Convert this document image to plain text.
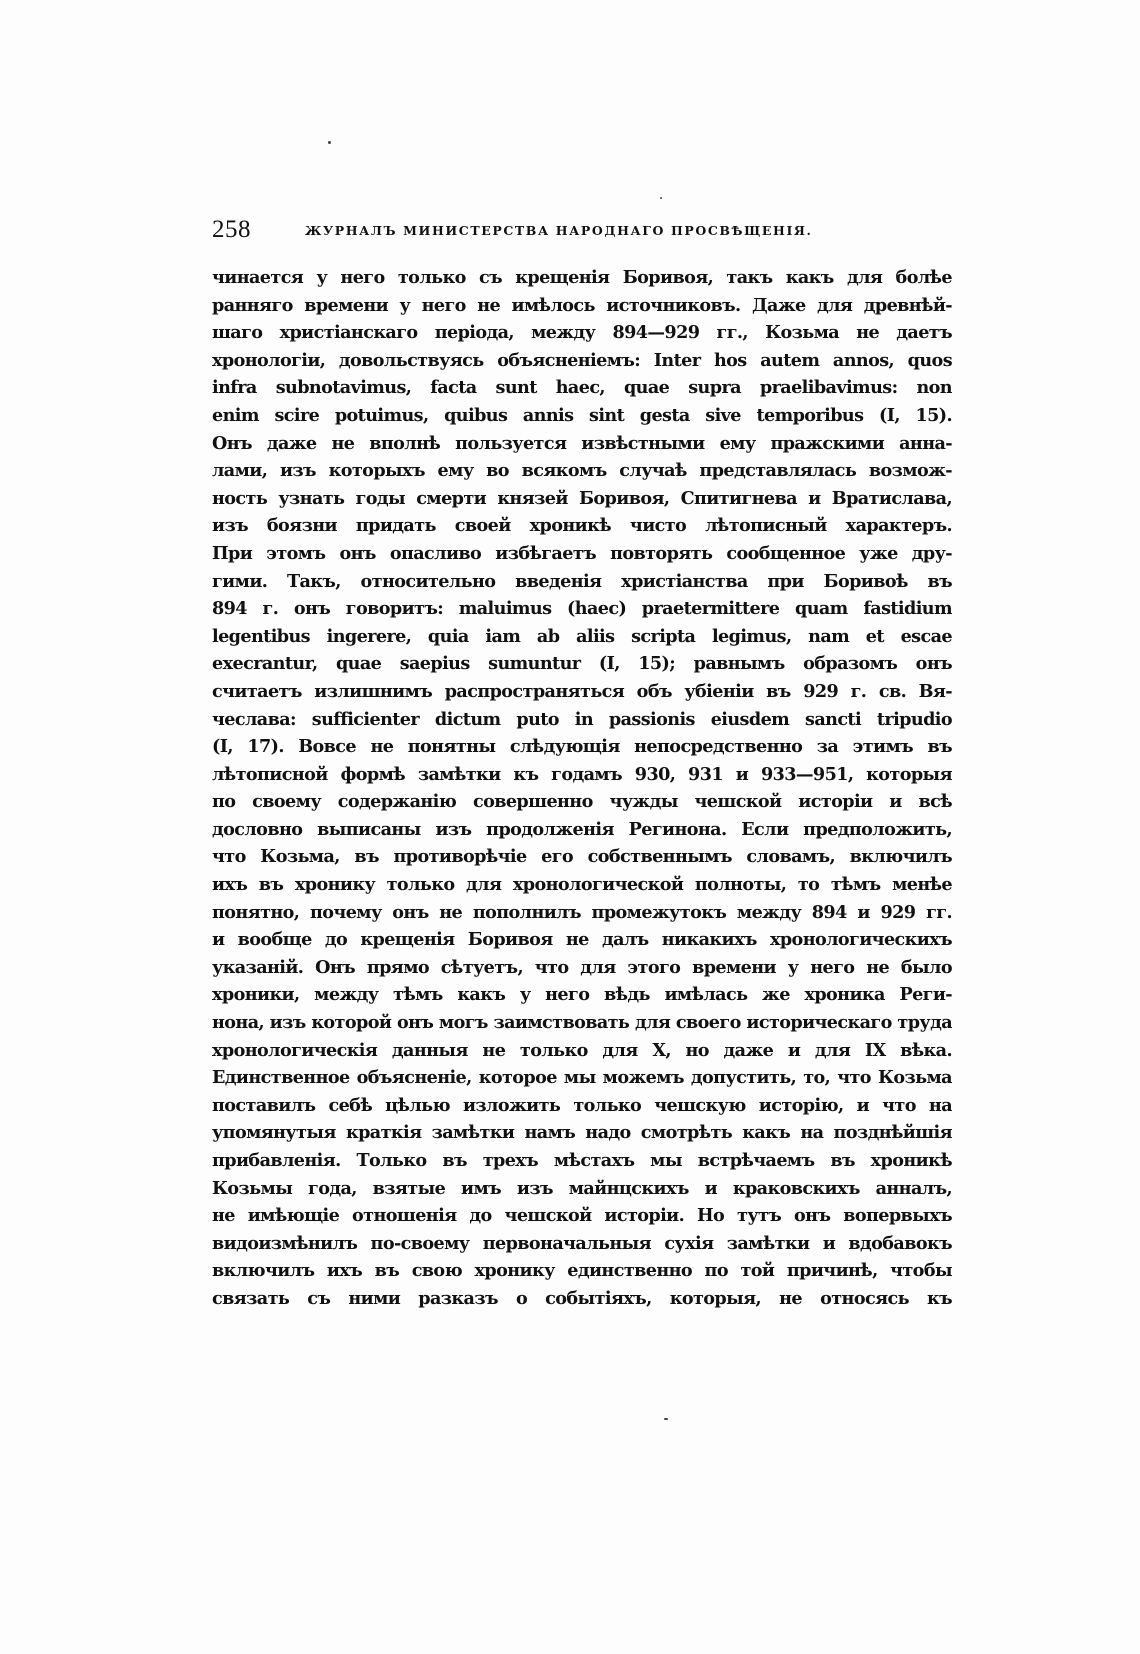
258	ЖУРНАЛЪ МИНИСТЕРСТВА НАРОДНАГО ПРОСВѢЩЕНІЯ.
чинается у него только съ крещенія Боривоя, такъ какъ для болѣе
ранняго времени у него не имѣлось источниковъ. Даже для древнѣй-
шаго христіанскаго періода, между 894—929 гг., Козьма не даетъ
хронологіи, довольствуясь объясненіемъ: Inter hos autem annos, quos
infra subnotavimus, facta sunt haec, quae supra praelibavimus: non
enim scire potuimus, quibus annis sint gesta sive temporibus (I, 15).
Онъ даже не вполнѣ пользуется извѣстными ему пражскими анна-
лами, изъ которыхъ ему во всякомъ случаѣ представлялась возмож-
ность узнать годы смерти князей Боривоя, Спитигнева и Вратислава,
изъ боязни придать своей хроникѣ чисто лѣтописный характеръ.
При этомъ онъ опасливо избѣгаетъ повторять сообщенное уже дру-
гими. Такъ, относительно введенія христіанства при Боривоѣ въ
894 г. онъ говоритъ: maluimus (haec) praetermittere quam fastidium
legentibus ingerere, quia iam ab aliis scripta legimus, nam et escae
execrantur, quae saepius sumuntur (I, 15); равнымъ образомъ онъ
считаетъ излишнимъ распространяться объ убіеніи въ 929 г. св. Вя-
чеслава: sufficienter dictum puto in passionis eiusdem sancti tripudio
(I, 17). Вовсе не понятны слѣдующія непосредственно за этимъ въ
лѣтописной формѣ замѣтки къ годамъ 930, 931 и 933—951, которыя
по своему содержанію совершенно чужды чешской исторіи и всѣ
дословно выписаны изъ продолженія Регинона. Если предположить,
что Козьма, въ противорѣчіе его собственнымъ словамъ, включилъ
ихъ въ хронику только для хронологической полноты, то тѣмъ менѣе
понятно, почему онъ не пополнилъ промежутокъ между 894 и 929 гг.
и вообще до крещенія Боривоя не далъ никакихъ хронологическихъ
указаній. Онъ прямо сѣтуетъ, что для этого времени у него не было
хроники, между тѣмъ какъ у него вѣдь имѣлась же хроника Реги-
нона, изъ которой онъ могъ заимствовать для своего историческаго труда
хронологическія данныя не только для X, но даже и для IX вѣка.
Единственное объясненіе, которое мы можемъ допустить, то, что Козьма
поставилъ себѣ цѣлью изложить только чешскую исторію, и что на
упомянутыя краткія замѣтки намъ надо смотрѣть какъ на позднѣйшія
прибавленія. Только въ трехъ мѣстахъ мы встрѣчаемъ въ хроникѣ
Козьмы года, взятые имъ изъ майнцскихъ и краковскихъ анналъ,
не имѣющіе отношенія до чешской исторіи. Но тутъ онъ вопервыхъ
видоизмѣнилъ по-своему первоначальныя сухія замѣтки и вдобавокъ
включилъ ихъ въ свою хронику единственно по той причинѣ, чтобы
связать съ ними разказъ о событіяхъ, которыя, не относясь къ
